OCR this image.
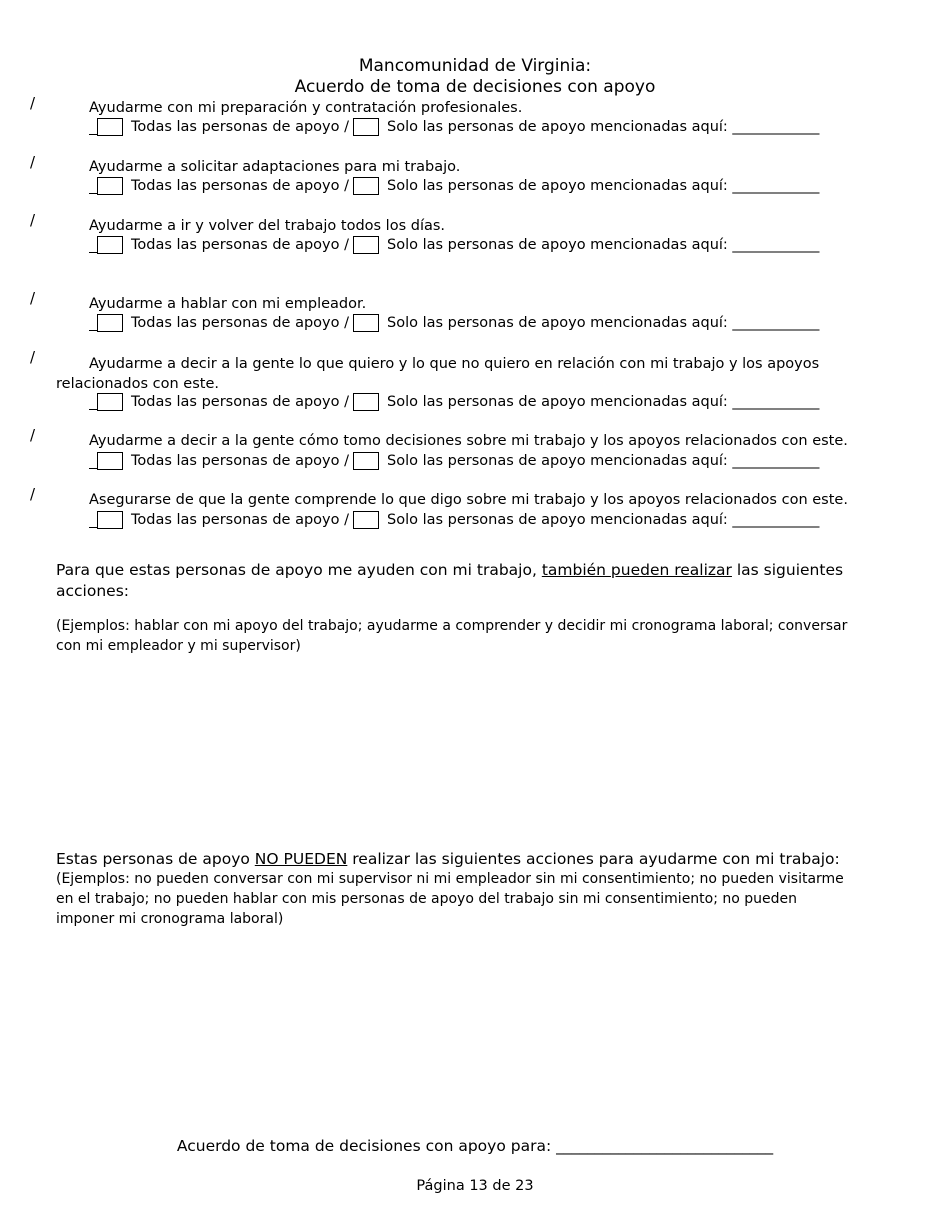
Mancomunidad de Virginia:
Acuerdo de toma de decisiones con apoyo
/	Ayudarme con mi preparación y contratación profesionales.
Todas las personas de apoyo /	Solo las personas de apoyo mencionadas aquí: ____________
/	Ayudarme a solicitar adaptaciones para mi trabajo.
Todas las personas de apoyo /	Solo las personas de apoyo mencionadas aquí: ____________
/	Ayudarme a ir y volver del trabajo todos los días.
Todas las personas de apoyo /	Solo las personas de apoyo mencionadas aquí: ____________
/	Ayudarme a hablar con mi empleador.
Todas las personas de apoyo /	Solo las personas de apoyo mencionadas aquí: ____________
/	Ayudarme a decir a la gente lo que quiero y lo que no quiero en relación con mi trabajo y los apoyos relacionados con este.
Todas las personas de apoyo /	Solo las personas de apoyo mencionadas aquí: ____________
/	Ayudarme a decir a la gente cómo tomo decisiones sobre mi trabajo y los apoyos relacionados con este.
Todas las personas de apoyo /	Solo las personas de apoyo mencionadas aquí: ____________
/	Asegurarse de que la gente comprende lo que digo sobre mi trabajo y los apoyos relacionados con este.
Todas las personas de apoyo /	Solo las personas de apoyo mencionadas aquí: ____________
Para que estas personas de apoyo me ayuden con mi trabajo, también pueden realizar las siguientes acciones:
(Ejemplos: hablar con mi apoyo del trabajo; ayudarme a comprender y decidir mi cronograma laboral; conversar con mi empleador y mi supervisor)
Estas personas de apoyo NO PUEDEN realizar las siguientes acciones para ayudarme con mi trabajo:
(Ejemplos: no pueden conversar con mi supervisor ni mi empleador sin mi consentimiento; no pueden visitarme en el trabajo; no pueden hablar con mis personas de apoyo del trabajo sin mi consentimiento; no pueden imponer mi cronograma laboral)
Acuerdo de toma de decisiones con apoyo para: ____________________________
Página 13 de 23
